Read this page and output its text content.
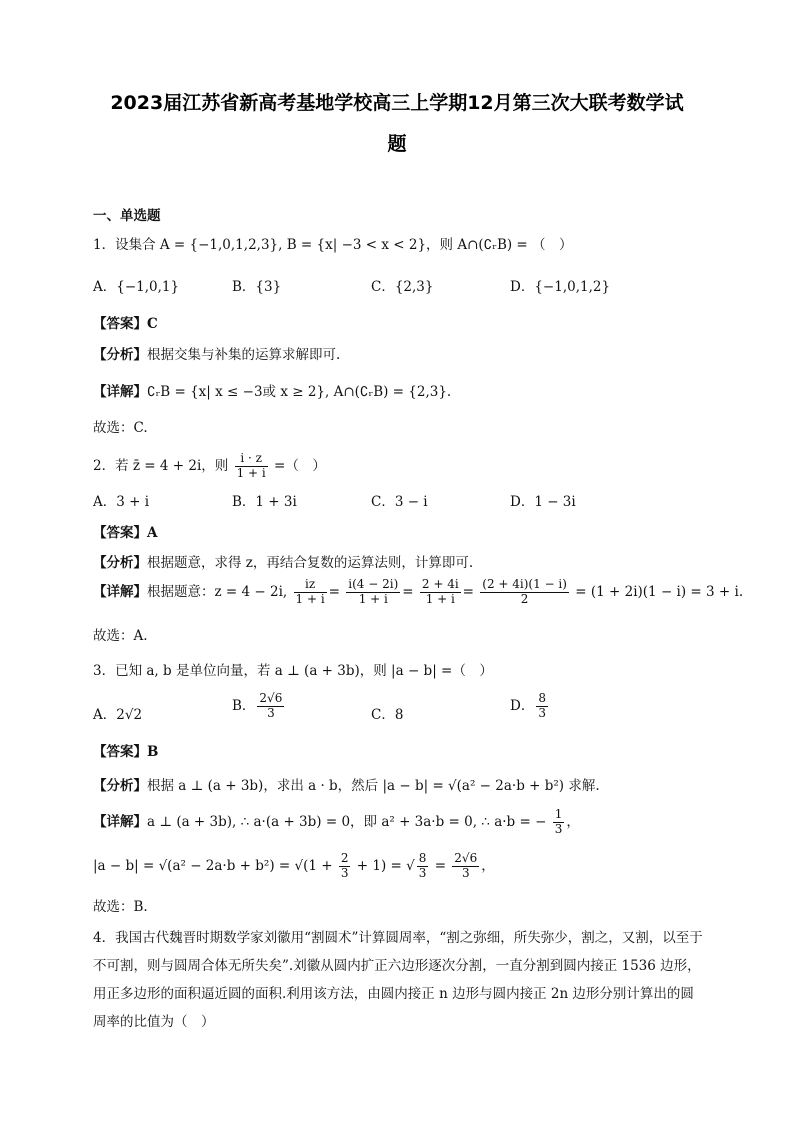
2023届江苏省新高考基地学校高三上学期12月第三次大联考数学试
题
一、单选题
1．设集合 A = {−1,0,1,2,3}, B = {x| −3 < x < 2}，则 A∩(∁ᵣB) = （　）
A．{−1,0,1}	B．{3}	C．{2,3}	D．{−1,0,1,2}
【答案】C
【分析】根据交集与补集的运算求解即可.
【详解】∁ᵣB = {x| x ≤ −3或 x ≥ 2}, A∩(∁ᵣB) = {2,3}.
故选：C.
2．若 z̄ = 4 + 2i，则 $\frac{i \cdot z}{1 + i}$ =（　）
A．3 + i	B．1 + 3i	C．3 − i	D．1 − 3i
【答案】A
【分析】根据题意，求得 z，再结合复数的运算法则，计算即可.
【详解】根据题意：z = 4 − 2i, $\frac{iz}{1 + i} = \frac{i(4 - 2i)}{1 + i} = \frac{2 + 4i}{1 + i} = \frac{(2 + 4i)(1 - i)}{2} = (1 + 2i)(1 - i) = 3 + i$.
故选：A.
3．已知 a, b 是单位向量，若 a ⊥ (a + 3b)，则 |a − b| =（　）
A．2√2
B． $\frac{2√6}{3}$	C．8
D． $\frac{8}{3}$
【答案】B
【分析】根据 a ⊥ (a + 3b)，求出 a · b，然后 |a − b| = √(a² − 2a·b + b²) 求解.
【详解】a ⊥ (a + 3b), ∴ a·(a + 3b) = 0，即 a² + 3a·b = 0, ∴ a·b = − $\frac{1}{3}$ ，
$|a - b| = √(a^2 - 2a\cdot b + b^2) = √(1 + \frac{2}{3} + 1)$ = √ $\frac{8}{3} = \frac{2√6}{3}$ ，
故选：B.
4．我国古代魏晋时期数学家刘徽用“割圆术”计算圆周率，“割之弥细，所失弥少，割之，又割，以至于不可割，则与圆周合体无所失矣”.刘徽从圆内扩正六边形逐次分割，一直分割到圆内接正 1536 边形，用正多边形的面积逼近圆的面积.利用该方法，由圆内接正 n 边形与圆内接正 2n 边形分别计算出的圆周率的比值为（　）
